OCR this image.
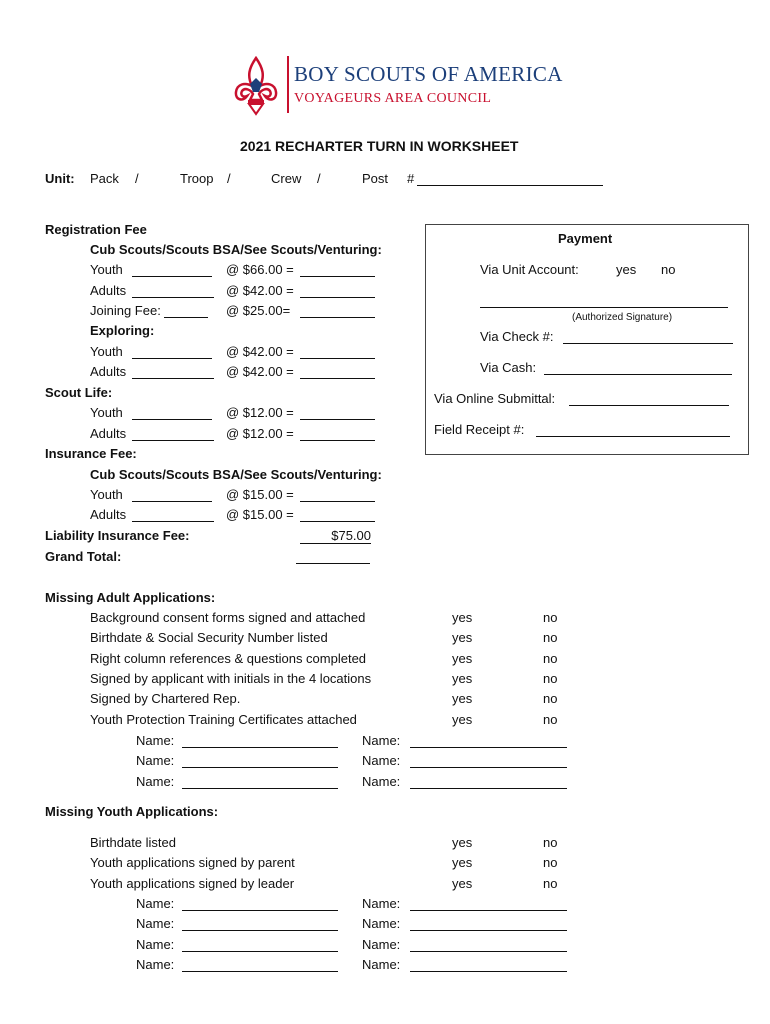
BOY SCOUTS OF AMERICA
VOYAGEURS AREA COUNCIL
2021 RECHARTER TURN IN WORKSHEET
Unit: Pack /	Troop /	Crew /	Post #
Registration Fee
Cub Scouts/Scouts BSA/See Scouts/Venturing:
Youth	@ $66.00 =
Adults	@ $42.00 =
Joining Fee:	@ $25.00=
Exploring:
Youth	@ $42.00 =
Adults	@ $42.00 =
Scout Life:
Youth	@ $12.00 =
Adults	@ $12.00 =
Insurance Fee:
Cub Scouts/Scouts BSA/See Scouts/Venturing:
Youth	@ $15.00 =
Adults	@ $15.00 =
Liability Insurance Fee:	$75.00
Grand Total:
Payment
Via Unit Account:	yes no
(Authorized Signature)
Via Check #:
Via Cash:
Via Online Submittal:
Field Receipt #:
Missing Adult Applications:
Background consent forms signed and attached	yes	no
Birthdate & Social Security Number listed	yes	no
Right column references & questions completed	yes	no
Signed by applicant with initials in the 4 locations	yes	no
Signed by Chartered Rep.	yes	no
Youth Protection Training Certificates attached	yes	no
Name:	Name:
Name:	Name:
Name:	Name:
Missing Youth Applications:
Birthdate listed	yes	no
Youth applications signed by parent	yes	no
Youth applications signed by leader	yes	no
Name:	Name:
Name:	Name:
Name:	Name:
Name:	Name:
